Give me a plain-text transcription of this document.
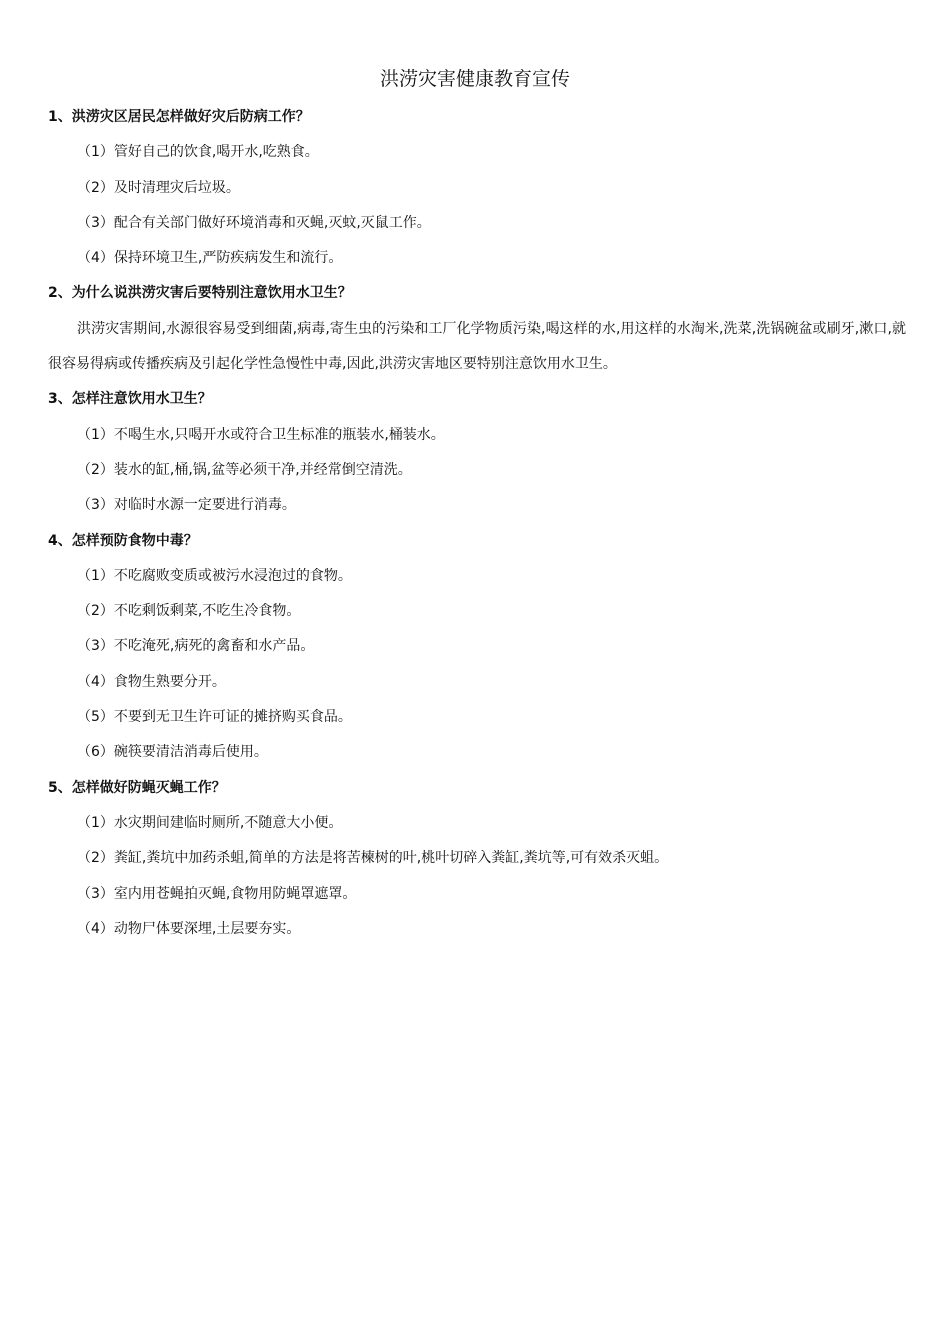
洪涝灾害健康教育宣传
1、洪涝灾区居民怎样做好灾后防病工作？
（1）管好自己的饮食,喝开水,吃熟食。
（2）及时清理灾后垃圾。
（3）配合有关部门做好环境消毒和灭蝇,灭蚊,灭鼠工作。
（4）保持环境卫生,严防疾病发生和流行。
2、为什么说洪涝灾害后要特别注意饮用水卫生？
洪涝灾害期间,水源很容易受到细菌,病毒,寄生虫的污染和工厂化学物质污染,喝这样的水,用这样的水淘米,洗菜,洗锅碗盆或刷牙,漱口,就很容易得病或传播疾病及引起化学性急慢性中毒,因此,洪涝灾害地区要特别注意饮用水卫生。
3、怎样注意饮用水卫生？
（1）不喝生水,只喝开水或符合卫生标准的瓶装水,桶装水。
（2）装水的缸,桶,锅,盆等必须干净,并经常倒空清洗。
（3）对临时水源一定要进行消毒。
4、怎样预防食物中毒？
（1）不吃腐败变质或被污水浸泡过的食物。
（2）不吃剩饭剩菜,不吃生冷食物。
（3）不吃淹死,病死的禽畜和水产品。
（4）食物生熟要分开。
（5）不要到无卫生许可证的摊挤购买食品。
（6）碗筷要清洁消毒后使用。
5、怎样做好防蝇灭蝇工作？
（1）水灾期间建临时厕所,不随意大小便。
（2）粪缸,粪坑中加药杀蛆,简单的方法是将苦楝树的叶,桃叶切碎入粪缸,粪坑等,可有效杀灭蛆。
（3）室内用苍蝇拍灭蝇,食物用防蝇罩遮罩。
（4）动物尸体要深埋,土层要夯实。
